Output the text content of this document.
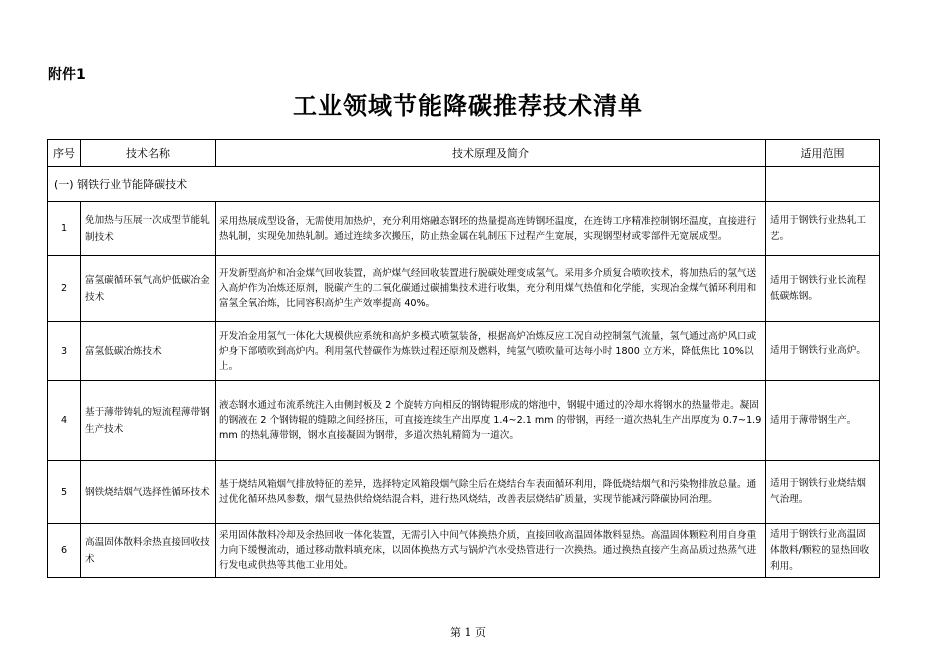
附件1
工业领域节能降碳推荐技术清单
序号	技术名称	技术原理及简介	适用范围
(一) 钢铁行业节能降碳技术			
1	免加热与压展一次成型节能轧制技术	采用热展成型设备，无需使用加热炉，充分利用熔融态钢坯的热量提高连铸钢坯温度，在连铸工序精准控制钢坯温度，直接进行热轧制，实现免加热轧制。通过连续多次搬压，防止热金属在轧制压下过程产生宽展，实现钢型材或零部件无宽展成型。	适用于钢铁行业热轧工艺。
2	富氢碳循环氧气高炉低碳冶金技术	开发新型高炉和冶金煤气回收装置，高炉煤气经回收装置进行脱碳处理变成氢气。采用多介质复合喷吹技术，将加热后的氢气送入高炉作为冶炼还原剂，脱碳产生的二氧化碳通过碳捕集技术进行收集，充分利用煤气热值和化学能，实现冶金煤气循环利用和富氢全氧冶炼，比同容积高炉生产效率提高 40%。	适用于钢铁行业长流程低碳炼钢。
3	富氢低碳冶炼技术	开发冶金用氢气一体化大规模供应系统和高炉多模式喷氢装备，根据高炉冶炼反应工况自动控制氢气流量，氢气通过高炉风口或炉身下部喷吹到高炉内。利用氢代替碳作为炼铁过程还原剂及燃料，纯氢气喷吹量可达每小时 1800 立方米，降低焦比 10%以上。	适用于钢铁行业高炉。
4	基于薄带铸轧的短流程薄带钢生产技术	液态钢水通过布流系统注入由侧封板及 2 个旋转方向相反的钢铸辊形成的熔池中，钢辊中通过的冷却水将钢水的热量带走。凝固的钢液在 2 个钢铸辊的缝隙之间经挤压，可直接连续生产出厚度 1.4~2.1 mm 的带钢，再经一道次热轧生产出厚度为 0.7~1.9 mm 的热轧薄带钢，钢水直接凝固为钢带，多道次热轧精简为一道次。	适用于薄带钢生产。
5	钢铁烧结烟气选择性循环技术	基于烧结风箱烟气排放特征的差异，选择特定风箱段烟气除尘后在烧结台车表面循环利用，降低烧结烟气和污染物排放总量。通过优化循环热风参数，烟气显热供给烧结混合料，进行热风烧结，改善表层烧结矿质量，实现节能减污降碳协同治理。	适用于钢铁行业烧结烟气治理。
6	高温固体散料余热直接回收技术	采用固体散料冷却及余热回收一体化装置，无需引入中间气体换热介质，直接回收高温固体散料显热。高温固体颗粒利用自身重力向下缓慢流动，通过移动散料填充床，以固体换热方式与锅炉汽水受热管进行一次换热。通过换热直接产生高品质过热蒸气进行发电或供热等其他工业用处。	适用于钢铁行业高温固体散料/颗粒的显热回收利用。
第 1 页
